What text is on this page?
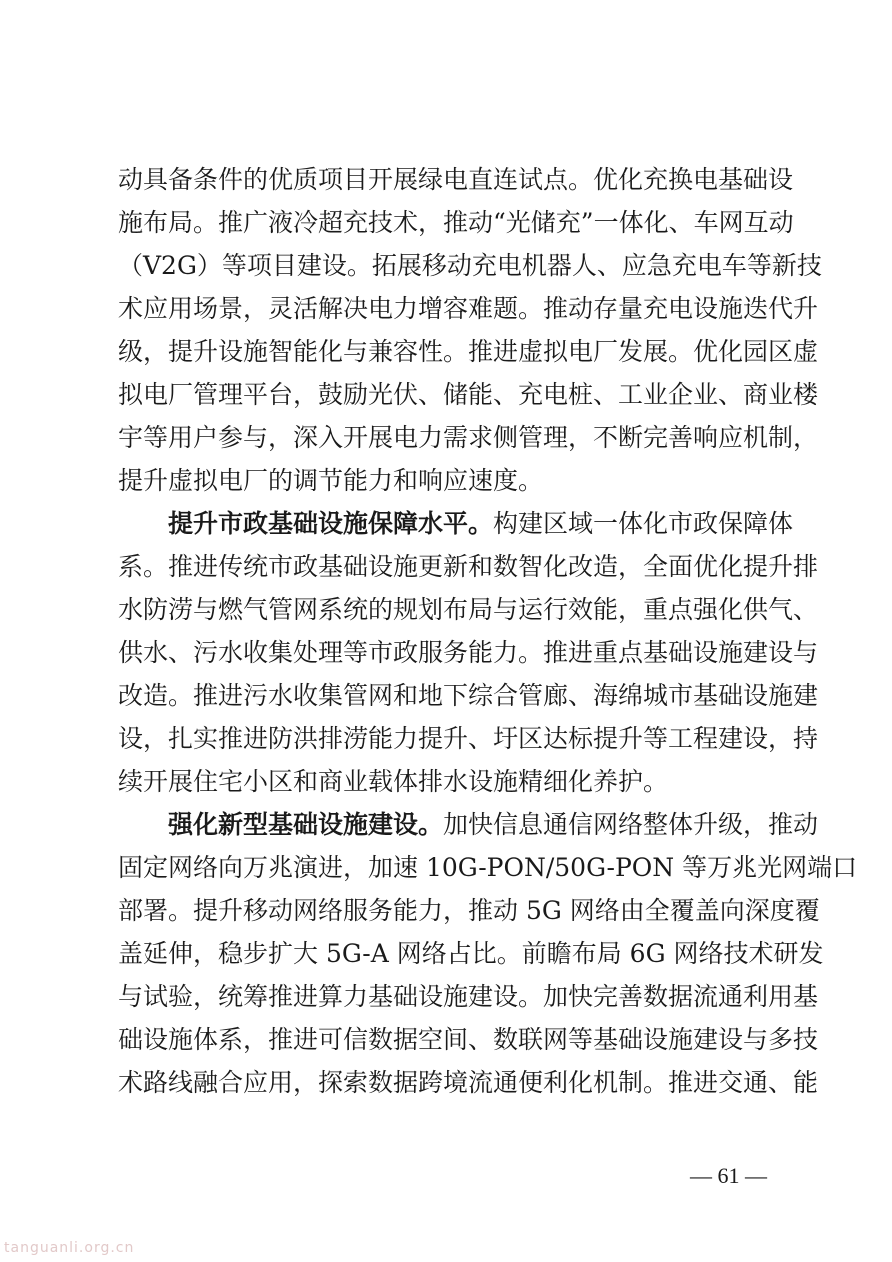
动具备条件的优质项目开展绿电直连试点。优化充换电基础设
施布局。推广液冷超充技术，推动“光储充”一体化、车网互动
（V2G）等项目建设。拓展移动充电机器人、应急充电车等新技
术应用场景，灵活解决电力增容难题。推动存量充电设施迭代升
级，提升设施智能化与兼容性。推进虚拟电厂发展。优化园区虚
拟电厂管理平台，鼓励光伏、储能、充电桩、工业企业、商业楼
宇等用户参与，深入开展电力需求侧管理，不断完善响应机制，
提升虚拟电厂的调节能力和响应速度。
提升市政基础设施保障水平。构建区域一体化市政保障体
系。推进传统市政基础设施更新和数智化改造，全面优化提升排
水防涝与燃气管网系统的规划布局与运行效能，重点强化供气、
供水、污水收集处理等市政服务能力。推进重点基础设施建设与
改造。推进污水收集管网和地下综合管廊、海绵城市基础设施建
设，扎实推进防洪排涝能力提升、圩区达标提升等工程建设，持
续开展住宅小区和商业载体排水设施精细化养护。
强化新型基础设施建设。加快信息通信网络整体升级，推动
固定网络向万兆演进，加速 10G-PON/50G-PON 等万兆光网端口
部署。提升移动网络服务能力，推动 5G 网络由全覆盖向深度覆
盖延伸，稳步扩大 5G-A 网络占比。前瞻布局 6G 网络技术研发
与试验，统筹推进算力基础设施建设。加快完善数据流通利用基
础设施体系，推进可信数据空间、数联网等基础设施建设与多技
术路线融合应用，探索数据跨境流通便利化机制。推进交通、能
— 61 —
tanguanli.org.cn
